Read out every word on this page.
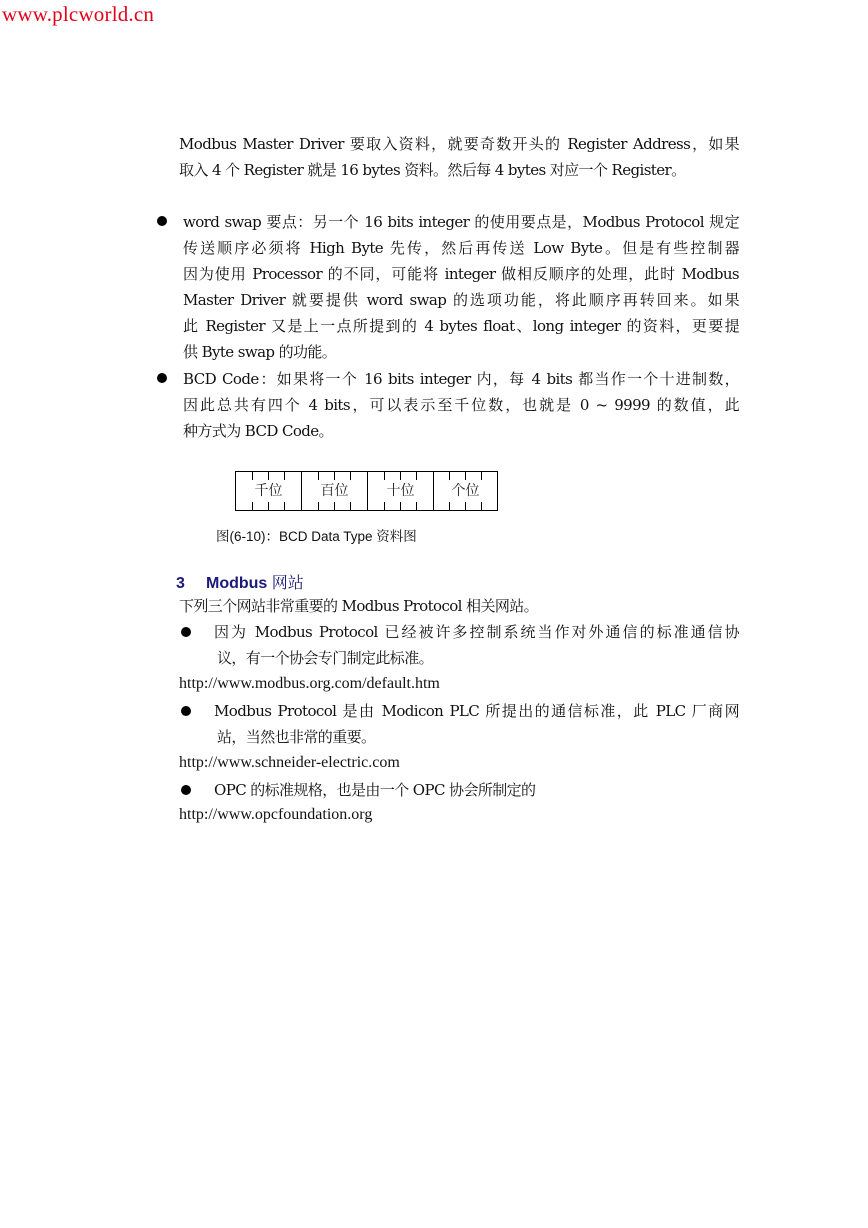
www.plcworld.cn
Modbus Master Driver 要取入资料，就要奇数开头的 Register Address，如果
取入 4 个 Register 就是 16 bytes 资料。然后每 4 bytes 对应一个 Register。
word swap 要点：另一个 16 bits integer 的使用要点是，Modbus Protocol 规定
传送顺序必须将 High Byte 先传，然后再传送 Low Byte。但是有些控制器
因为使用 Processor 的不同，可能将 integer 做相反顺序的处理，此时 Modbus
Master Driver 就要提供 word swap 的选项功能，将此顺序再转回来。如果
此 Register 又是上一点所提到的 4 bytes float、long integer 的资料，更要提
供 Byte swap 的功能。
BCD Code：如果将一个 16 bits integer 内，每 4 bits 都当作一个十进制数，
因此总共有四个 4 bits，可以表示至千位数，也就是 0 ~ 9999 的数值，此
种方式为 BCD Code。
千位	百位	十位	个位
图(6-10)：BCD Data Type 资料图
3 Modbus 网站
下列三个网站非常重要的 Modbus Protocol 相关网站。
因为 Modbus Protocol 已经被许多控制系统当作对外通信的标准通信协
议，有一个协会专门制定此标准。
http://www.modbus.org.com/default.htm
Modbus Protocol 是由 Modicon PLC 所提出的通信标准，此 PLC 厂商网
站，当然也非常的重要。
http://www.schneider-electric.com
OPC 的标准规格，也是由一个 OPC 协会所制定的
http://www.opcfoundation.org
